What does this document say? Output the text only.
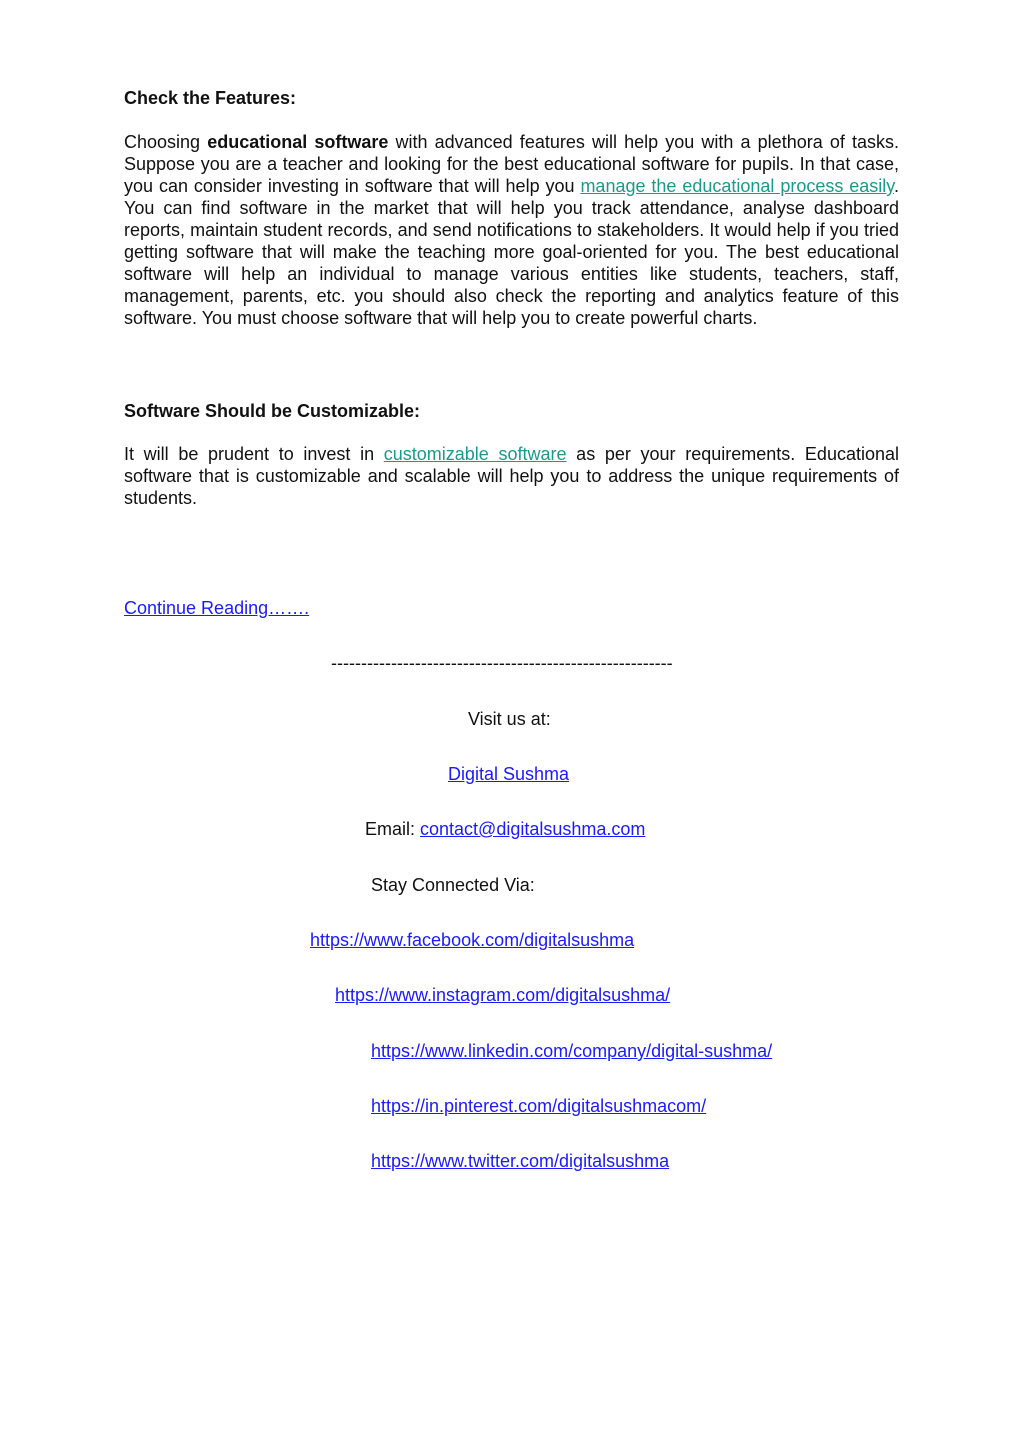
Check the Features:
Choosing educational software with advanced features will help you with a plethora of tasks. Suppose you are a teacher and looking for the best educational software for pupils. In that case, you can consider investing in software that will help you manage the educational process easily. You can find software in the market that will help you track attendance, analyse dashboard reports, maintain student records, and send notifications to stakeholders. It would help if you tried getting software that will make the teaching more goal-oriented for you. The best educational software will help an individual to manage various entities like students, teachers, staff, management, parents, etc. you should also check the reporting and analytics feature of this software. You must choose software that will help you to create powerful charts.
Software Should be Customizable:
It will be prudent to invest in customizable software as per your requirements. Educational software that is customizable and scalable will help you to address the unique requirements of students.
Continue Reading…….
---------------------------------------------------------
Visit us at:
Digital Sushma
Email: contact@digitalsushma.com
Stay Connected Via:
https://www.facebook.com/digitalsushma
https://www.instagram.com/digitalsushma/
https://www.linkedin.com/company/digital-sushma/
https://in.pinterest.com/digitalsushmacom/
https://www.twitter.com/digitalsushma
